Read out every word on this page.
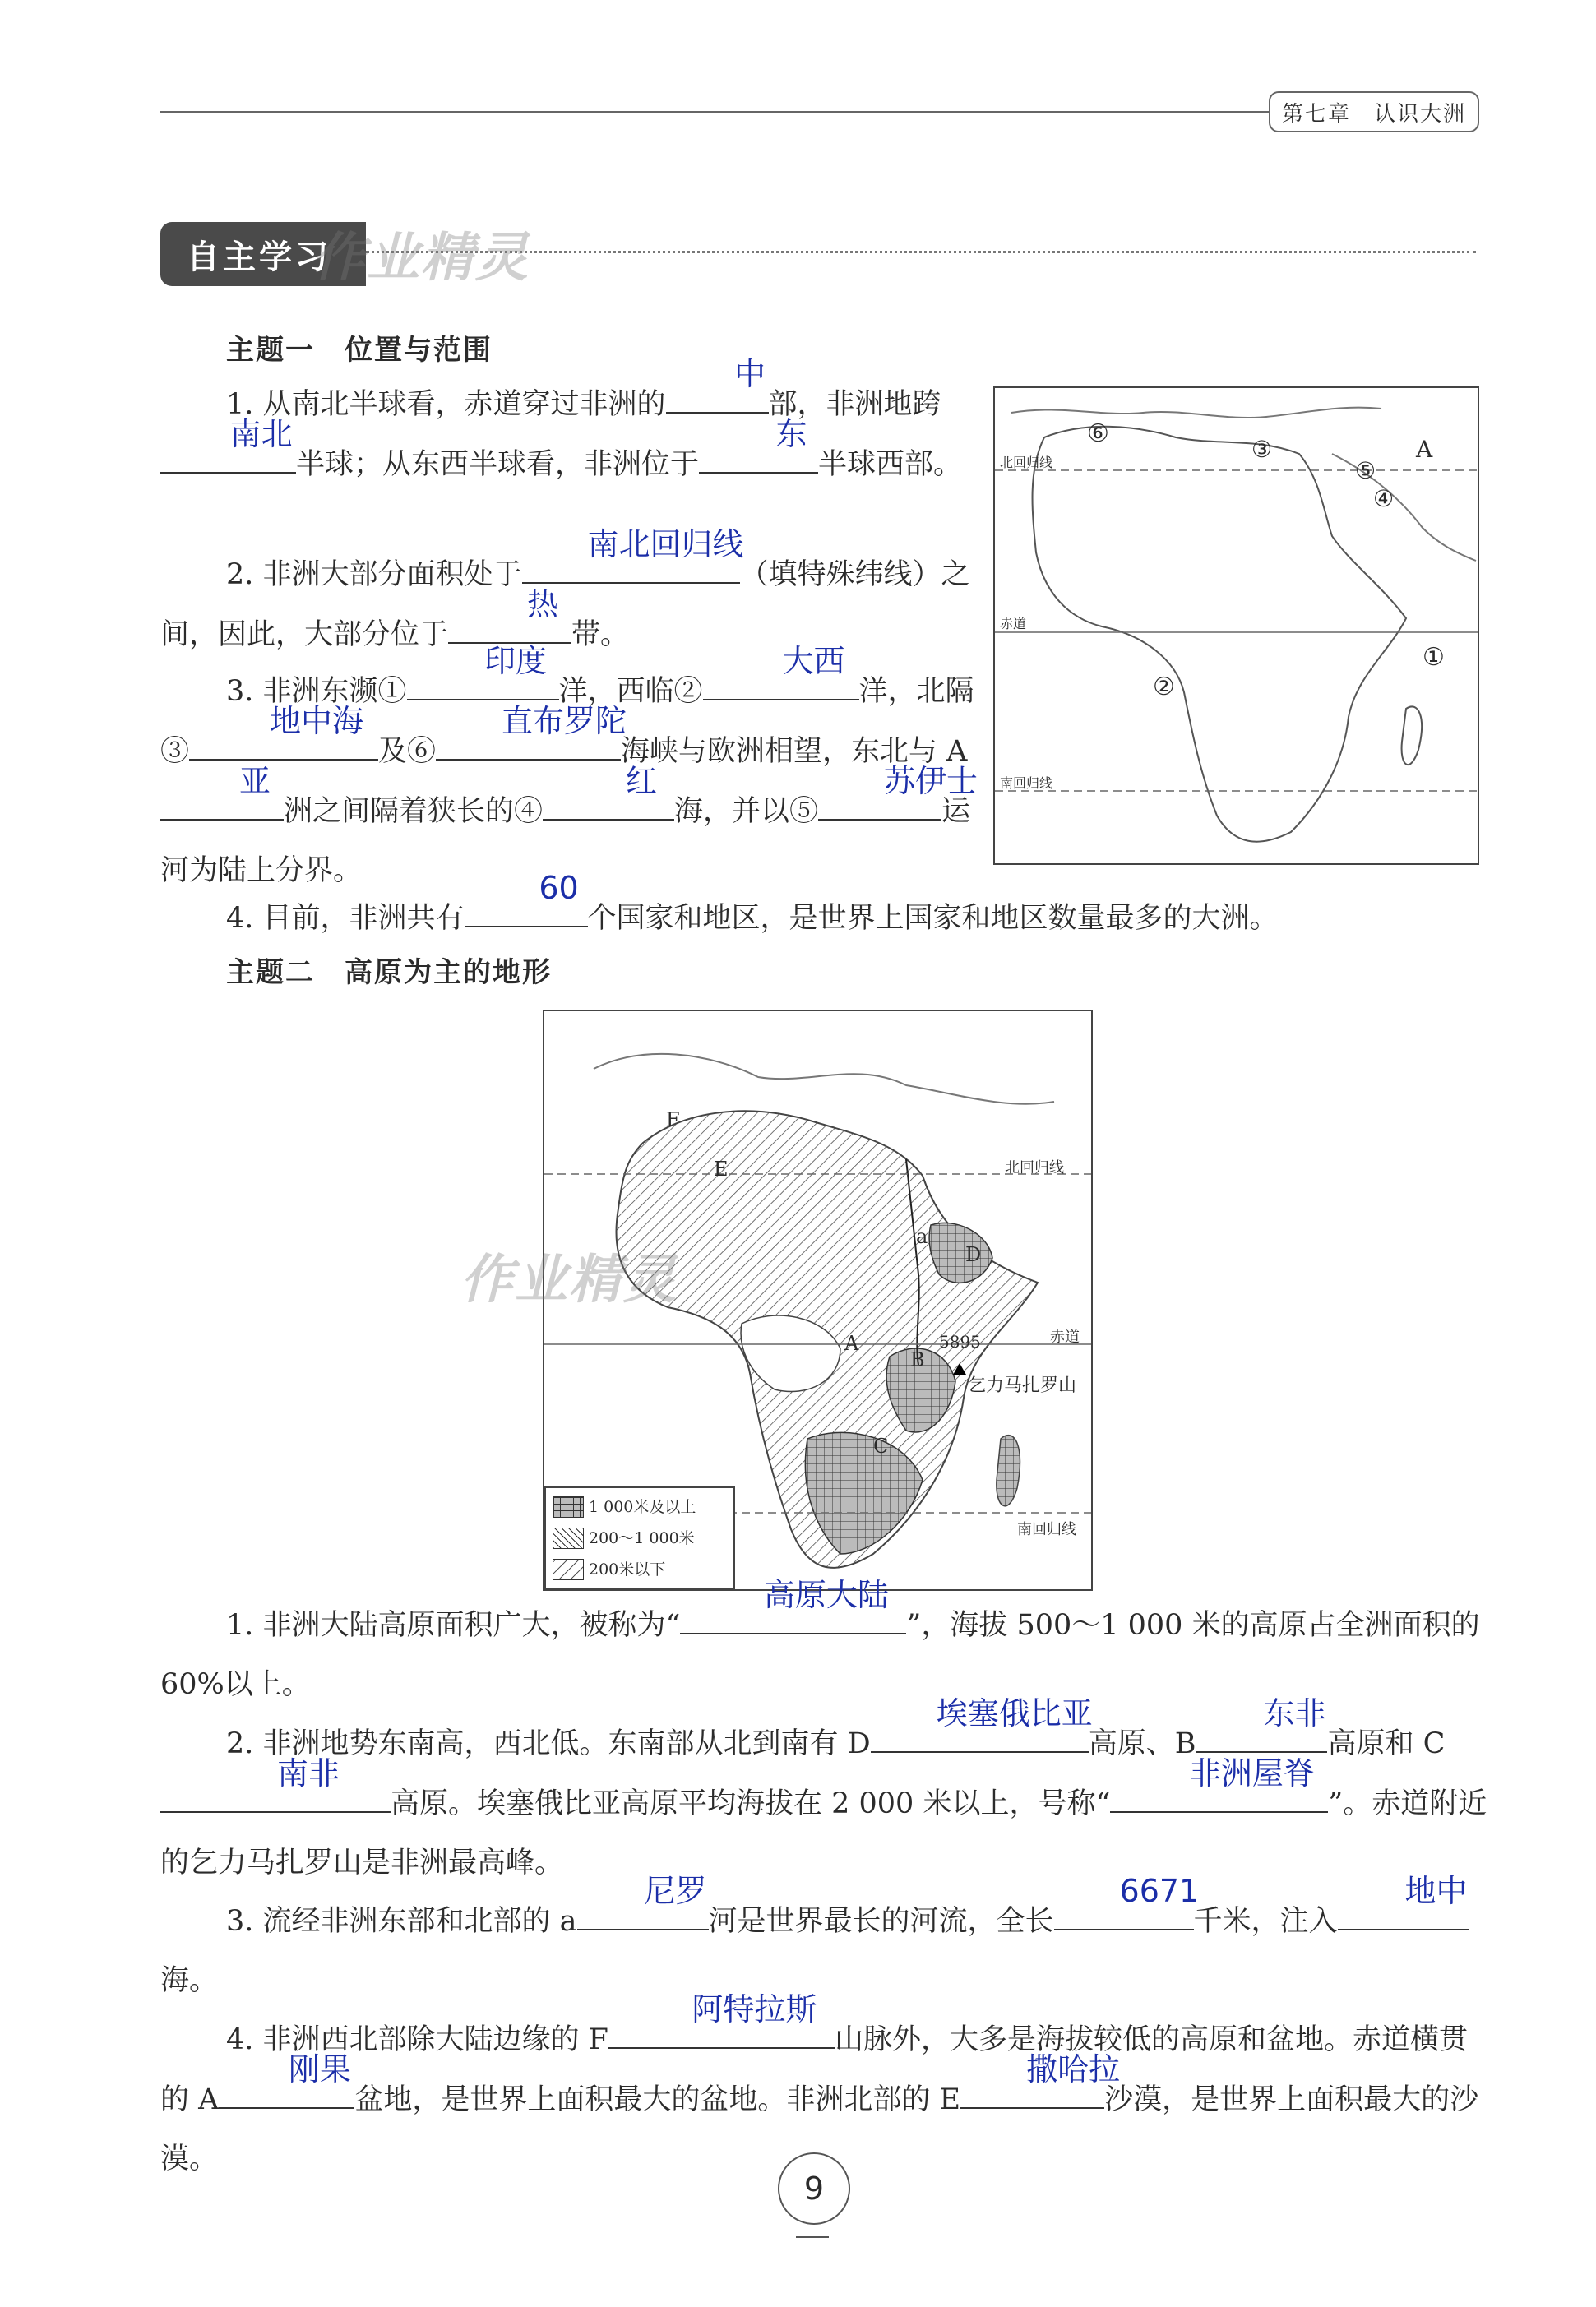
第七章　认识大洲
自主学习
作业精灵
主题一　位置与范围
1. 从南北半球看，赤道穿过非洲的
中
部，非洲地跨
南北
半球；从东西半球看，非洲位于
东
半球西部。
2. 非洲大部分面积处于
南北回归线
（填特殊纬线）之间，因此，大部分位于
热
带。
3. 非洲东濒①
印度
洋，西临②
大西
洋，北隔③
地中海
及⑥
直布罗陀
海峡与欧洲相望，东北与 A
亚
洲之间隔着狭长的④
红
海，并以⑤
苏伊士
运河为陆上分界。
4. 目前，非洲共有
60
个国家和地区，是世界上国家和地区数量最多的大洲。
⑥
③	A
⑤
④
①
②
北回归线
赤道
南回归线
主题二　高原为主的地形
F
E
a
D
A
B
C
5895
乞力马扎罗山
北回归线
赤道
南回归线
1 000米及以上
200～1 000米
200米以下
作业精灵
1. 非洲大陆高原面积广大，被称为“
高原大陆
”，海拔 500～1 000 米的高原占全洲面积的 60%以上。
2. 非洲地势东南高，西北低。东南部从北到南有 D
埃塞俄比亚
高原、B
东非
高原和 C
南非
高原。埃塞俄比亚高原平均海拔在 2 000 米以上，号称“
非洲屋脊
”。赤道附近的乞力马扎罗山是非洲最高峰。
3. 流经非洲东部和北部的 a
尼罗
河是世界最长的河流，全长
6671
千米，注入
地中
海。
4. 非洲西北部除大陆边缘的 F
阿特拉斯
山脉外，大多是海拔较低的高原和盆地。赤道横贯的 A
刚果
盆地，是世界上面积最大的盆地。非洲北部的 E
撒哈拉
沙漠，是世界上面积最大的沙漠。
9
